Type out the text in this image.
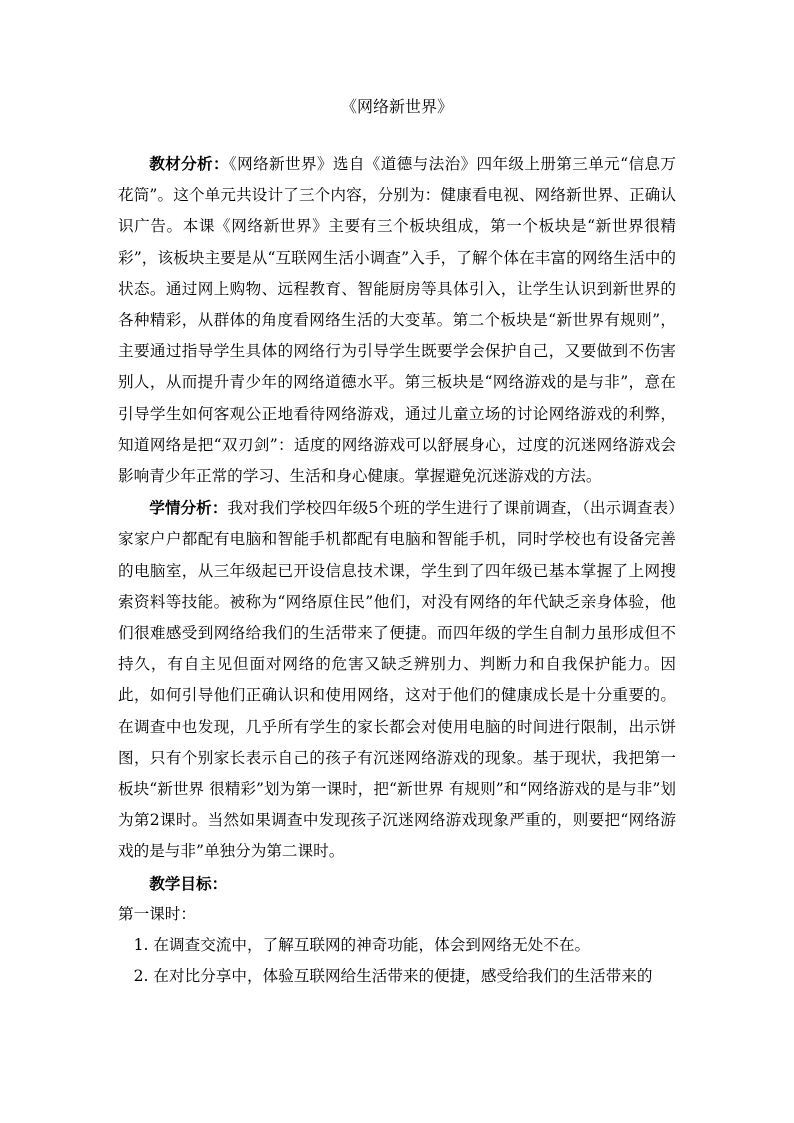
《网络新世界》

教材分析：《网络新世界》选自《道德与法治》四年级上册第三单元“信息万花筒”。这个单元共设计了三个内容，分别为：健康看电视、网络新世界、正确认识广告。本课《网络新世界》主要有三个板块组成，第一个板块是“新世界很精彩”，该板块主要是从“互联网生活小调查”入手，了解个体在丰富的网络生活中的状态。通过网上购物、远程教育、智能厨房等具体引入，让学生认识到新世界的各种精彩，从群体的角度看网络生活的大变革。第二个板块是“新世界有规则”，主要通过指导学生具体的网络行为引导学生既要学会保护自己，又要做到不伤害别人，从而提升青少年的网络道德水平。第三板块是“网络游戏的是与非”，意在引导学生如何客观公正地看待网络游戏，通过儿童立场的讨论网络游戏的利弊，知道网络是把“双刃剑”：适度的网络游戏可以舒展身心，过度的沉迷网络游戏会影响青少年正常的学习、生活和身心健康。掌握避免沉迷游戏的方法。

学情分析：我对我们学校四年级5个班的学生进行了课前调查，（出示调查表）家家户户都配有电脑和智能手机都配有电脑和智能手机，同时学校也有设备完善的电脑室，从三年级起已开设信息技术课，学生到了四年级已基本掌握了上网搜索资料等技能。被称为“网络原住民”他们，对没有网络的年代缺乏亲身体验，他们很难感受到网络给我们的生活带来了便捷。而四年级的学生自制力虽形成但不持久，有自主见但面对网络的危害又缺乏辨别力、判断力和自我保护能力。因此，如何引导他们正确认识和使用网络，这对于他们的健康成长是十分重要的。在调查中也发现，几乎所有学生的家长都会对使用电脑的时间进行限制，出示饼图，只有个别家长表示自己的孩子有沉迷网络游戏的现象。基于现状，我把第一板块“新世界 很精彩”划为第一课时，把“新世界 有规则”和“网络游戏的是与非”划为第2课时。当然如果调查中发现孩子沉迷网络游戏现象严重的，则要把“网络游戏的是与非”单独分为第二课时。

教学目标：

第一课时：

1. 在调查交流中，了解互联网的神奇功能，体会到网络无处不在。

2. 在对比分享中，体验互联网给生活带来的便捷，感受给我们的生活带来的
